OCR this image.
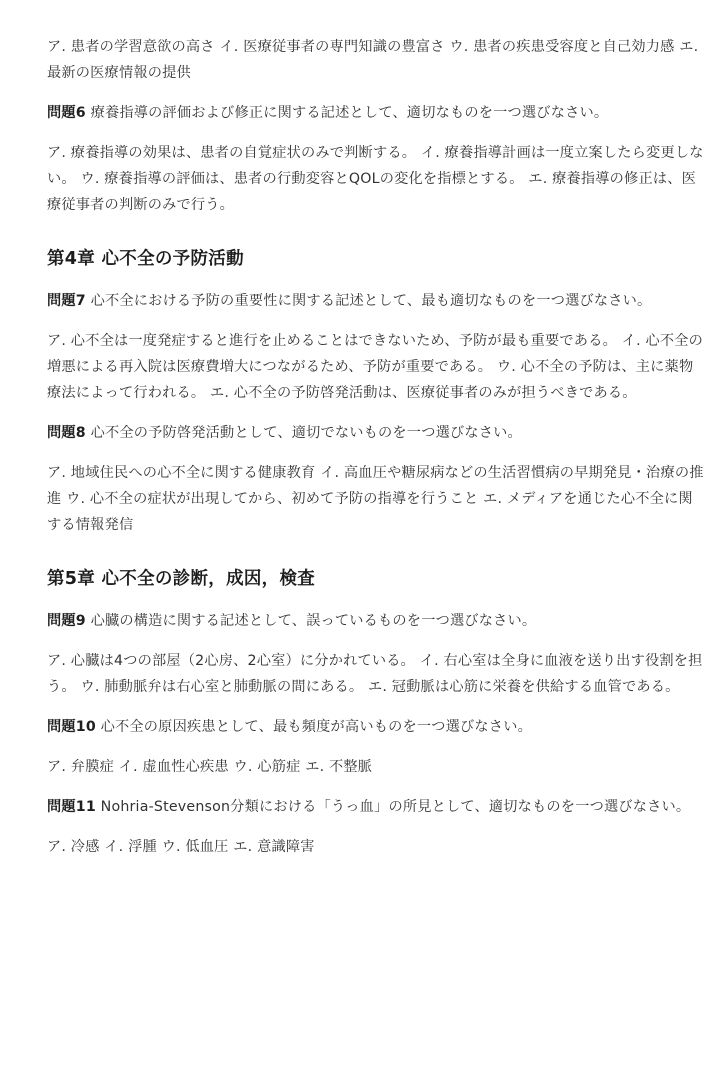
ア. 患者の学習意欲の高さ イ. 医療従事者の専門知識の豊富さ ウ. 患者の疾患受容度と自己効力感 エ. 最新の医療情報の提供

問題6 療養指導の評価および修正に関する記述として、適切なものを一つ選びなさい。

ア. 療養指導の効果は、患者の自覚症状のみで判断する。 イ. 療養指導計画は一度立案したら変更しない。 ウ. 療養指導の評価は、患者の行動変容とQOLの変化を指標とする。 エ. 療養指導の修正は、医療従事者の判断のみで行う。

第4章 心不全の予防活動

問題7 心不全における予防の重要性に関する記述として、最も適切なものを一つ選びなさい。

ア. 心不全は一度発症すると進行を止めることはできないため、予防が最も重要である。 イ. 心不全の増悪による再入院は医療費増大につながるため、予防が重要である。 ウ. 心不全の予防は、主に薬物療法によって行われる。 エ. 心不全の予防啓発活動は、医療従事者のみが担うべきである。

問題8 心不全の予防啓発活動として、適切でないものを一つ選びなさい。

ア. 地域住民への心不全に関する健康教育 イ. 高血圧や糖尿病などの生活習慣病の早期発見・治療の推進 ウ. 心不全の症状が出現してから、初めて予防の指導を行うこと エ. メディアを通じた心不全に関する情報発信

第5章 心不全の診断，成因，検査

問題9 心臓の構造に関する記述として、誤っているものを一つ選びなさい。

ア. 心臓は4つの部屋（2心房、2心室）に分かれている。 イ. 右心室は全身に血液を送り出す役割を担う。 ウ. 肺動脈弁は右心室と肺動脈の間にある。 エ. 冠動脈は心筋に栄養を供給する血管である。

問題10 心不全の原因疾患として、最も頻度が高いものを一つ選びなさい。

ア. 弁膜症 イ. 虚血性心疾患 ウ. 心筋症 エ. 不整脈

問題11 Nohria-Stevenson分類における「うっ血」の所見として、適切なものを一つ選びなさい。

ア. 冷感 イ. 浮腫 ウ. 低血圧 エ. 意識障害
